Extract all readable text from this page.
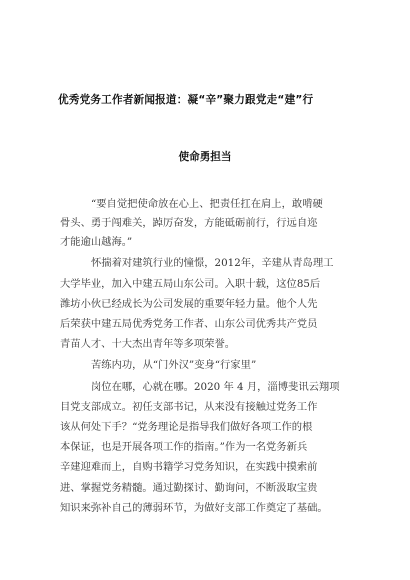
优秀党务工作者新闻报道：凝“辛”聚力跟党走“建”行
使命勇担当
“要自觉把使命放在心上、把责任扛在肩上，敢啃硬
骨头、勇于闯难关，踔厉奋发，方能砥砺前行，行远自迩
才能逾山越海。”
怀揣着对建筑行业的憧憬，2012年，辛建从青岛理工
大学毕业，加入中建五局山东公司。入职十载，这位85后
潍坊小伙已经成长为公司发展的重要年轻力量。他个人先
后荣获中建五局优秀党务工作者、山东公司优秀共产党员
青苗人才、十大杰出青年等多项荣誉。
苦练内功，从“门外汉”变身“行家里”
岗位在哪，心就在哪。2020 年 4 月，淄博斐讯云翔项
目党支部成立。初任支部书记，从来没有接触过党务工作
该从何处下手？“党务理论是指导我们做好各项工作的根
本保证，也是开展各项工作的指南。”作为一名党务新兵
辛建迎难而上，自购书籍学习党务知识，在实践中摸索前
进、掌握党务精髓。通过勤探讨、勤询问，不断汲取宝贵
知识来弥补自己的薄弱环节，为做好支部工作奠定了基础。
